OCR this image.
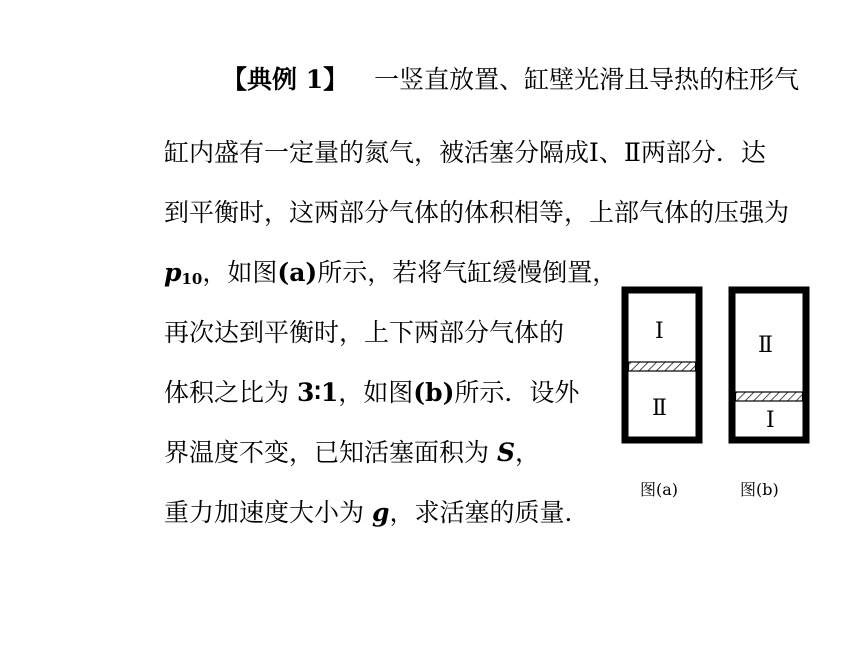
【典例 1】 一竖直放置、缸壁光滑且导热的柱形气
缸内盛有一定量的氮气，被活塞分隔成Ⅰ、Ⅱ两部分．达
到平衡时，这两部分气体的体积相等，上部气体的压强为
$p_{10}$，如图(a)所示，若将气缸缓慢倒置，
再次达到平衡时，上下两部分气体的
体积之比为 3∶1，如图(b)所示．设外
界温度不变，已知活塞面积为 S，
重力加速度大小为 g，求活塞的质量．
Ⅰ
Ⅱ
Ⅱ
Ⅰ
图(a)	图(b)
